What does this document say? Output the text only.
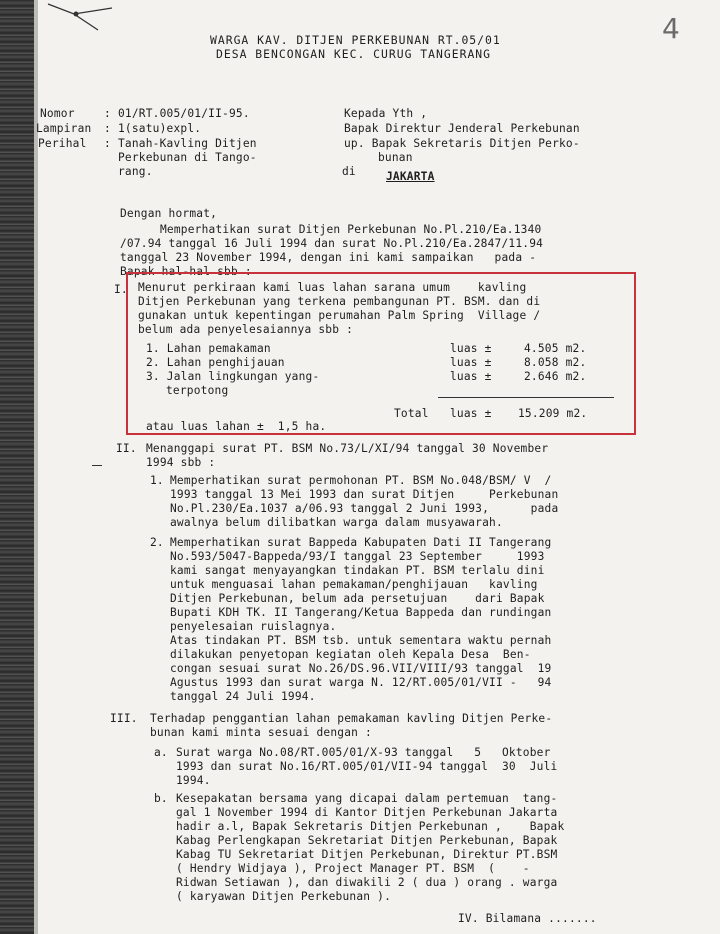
4
WARGA KAV. DITJEN PERKEBUNAN RT.05/01
DESA BENCONGAN KEC. CURUG TANGERANG
Nomor	: 01/RT.005/01/II-95.
Lampiran : 1(satu)expl.
Perihal : Tanah-Kavling Ditjen
Perkebunan di Tango-
rang.
Kepada Yth ,
Bapak Direktur Jenderal Perkebunan
up. Bapak Sekretaris Ditjen Perko-
bunan
di	JAKARTA
Dengan hormat,
Memperhatikan surat Ditjen Perkebunan No.Pl.210/Ea.1340
/07.94 tanggal 16 Juli 1994 dan surat No.Pl.210/Ea.2847/11.94
tanggal 23 November 1994, dengan ini kami sampaikan   pada -
Bapak hal-hal sbb :
I. Menurut perkiraan kami luas lahan sarana umum    kavling
Ditjen Perkebunan yang terkena pembangunan PT. BSM. dan di
gunakan untuk kepentingan perumahan Palm Spring  Village /
belum ada penyelesaiannya sbb :
1. Lahan pemakaman	luas ±	4.505 m2.
2. Lahan penghijauan	luas ±	8.058 m2.
3. Jalan lingkungan yang-	luas ±	2.646 m2.
terpotong
Total luas ± 15.209 m2.
atau luas lahan ±  1,5 ha.
II. Menanggapi surat PT. BSM No.73/L/XI/94 tanggal 30 November
1994 sbb :
1. Memperhatikan surat permohonan PT. BSM No.048/BSM/ V  /
1993 tanggal 13 Mei 1993 dan surat Ditjen     Perkebunan
No.Pl.230/Ea.1037 a/06.93 tanggal 2 Juni 1993,      pada
awalnya belum dilibatkan warga dalam musyawarah.
2. Memperhatikan surat Bappeda Kabupaten Dati II Tangerang
No.593/5047-Bappeda/93/I tanggal 23 September     1993
kami sangat menyayangkan tindakan PT. BSM terlalu dini
untuk menguasai lahan pemakaman/penghijauan   kavling
Ditjen Perkebunan, belum ada persetujuan    dari Bapak
Bupati KDH TK. II Tangerang/Ketua Bappeda dan rundingan
penyelesaian ruislagnya.
Atas tindakan PT. BSM tsb. untuk sementara waktu pernah
dilakukan penyetopan kegiatan oleh Kepala Desa  Ben-
congan sesuai surat No.26/DS.96.VII/VIII/93 tanggal  19
Agustus 1993 dan surat warga N. 12/RT.005/01/VII -   94
tanggal 24 Juli 1994.
III. Terhadap penggantian lahan pemakaman kavling Ditjen Perke-
bunan kami minta sesuai dengan :
a. Surat warga No.08/RT.005/01/X-93 tanggal   5   Oktober
1993 dan surat No.16/RT.005/01/VII-94 tanggal  30  Juli
1994.
b. Kesepakatan bersama yang dicapai dalam pertemuan  tang-
gal 1 November 1994 di Kantor Ditjen Perkebunan Jakarta
hadir a.l, Bapak Sekretaris Ditjen Perkebunan ,    Bapak
Kabag Perlengkapan Sekretariat Ditjen Perkebunan, Bapak
Kabag TU Sekretariat Ditjen Perkebunan, Direktur PT.BSM
( Hendry Widjaya ), Project Manager PT. BSM  (    -
Ridwan Setiawan ), dan diwakili 2 ( dua ) orang . warga
( karyawan Ditjen Perkebunan ).
IV. Bilamana .......
